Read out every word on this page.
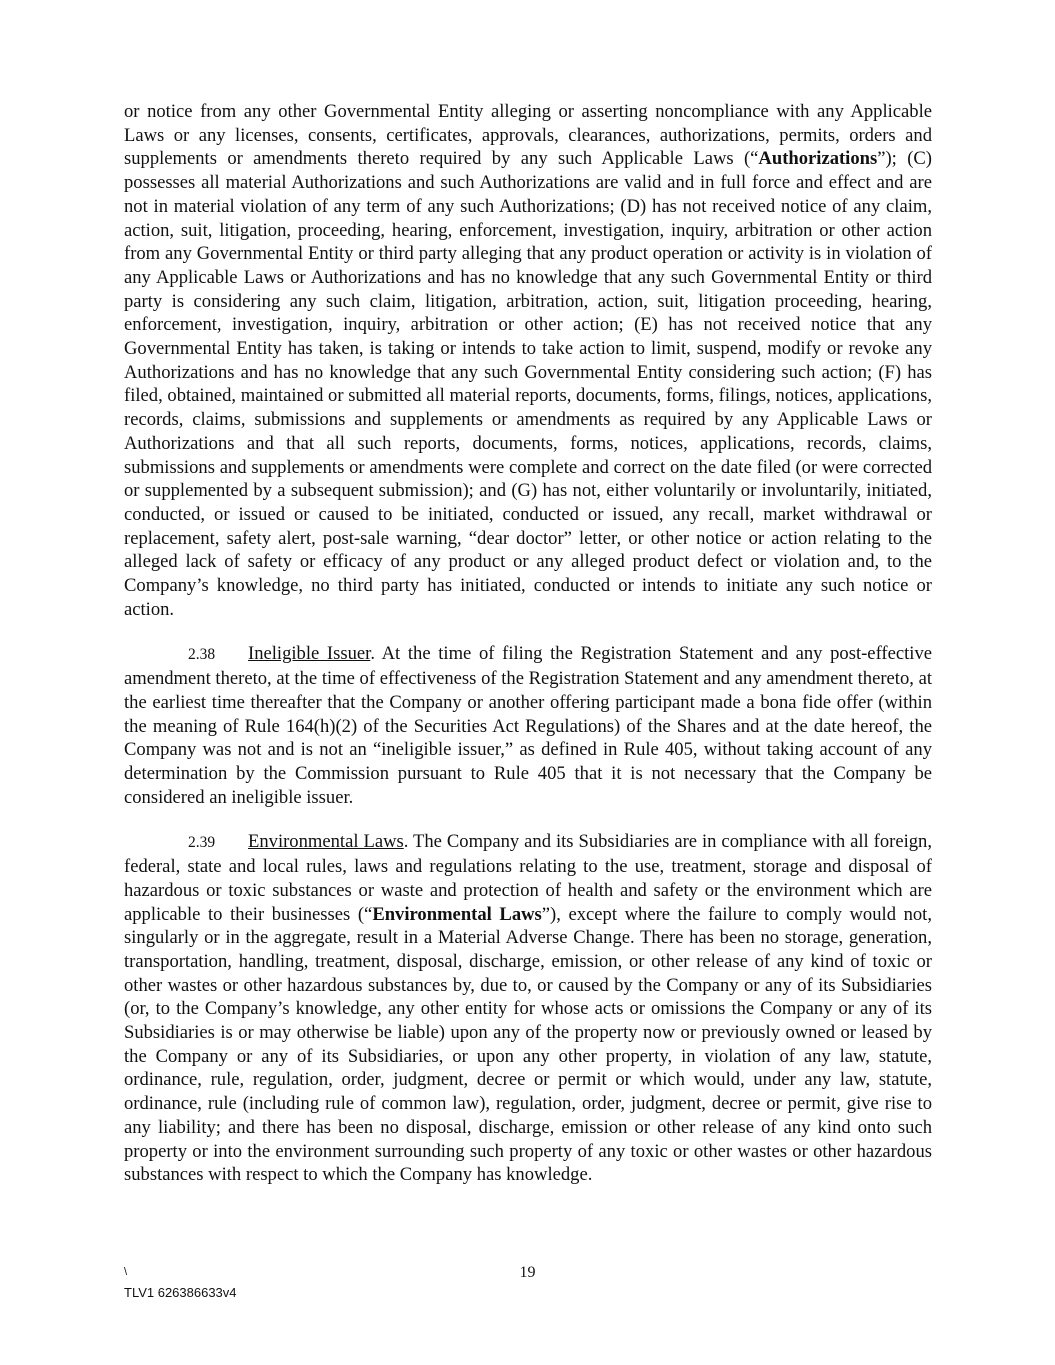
or notice from any other Governmental Entity alleging or asserting noncompliance with any Applicable Laws or any licenses, consents, certificates, approvals, clearances, authorizations, permits, orders and supplements or amendments thereto required by any such Applicable Laws (“Authorizations”); (C) possesses all material Authorizations and such Authorizations are valid and in full force and effect and are not in material violation of any term of any such Authorizations; (D) has not received notice of any claim, action, suit, litigation, proceeding, hearing, enforcement, investigation, inquiry, arbitration or other action from any Governmental Entity or third party alleging that any product operation or activity is in violation of any Applicable Laws or Authorizations and has no knowledge that any such Governmental Entity or third party is considering any such claim, litigation, arbitration, action, suit, litigation proceeding, hearing, enforcement, investigation, inquiry, arbitration or other action; (E) has not received notice that any Governmental Entity has taken, is taking or intends to take action to limit, suspend, modify or revoke any Authorizations and has no knowledge that any such Governmental Entity considering such action; (F) has filed, obtained, maintained or submitted all material reports, documents, forms, filings, notices, applications, records, claims, submissions and supplements or amendments as required by any Applicable Laws or Authorizations and that all such reports, documents, forms, notices, applications, records, claims, submissions and supplements or amendments were complete and correct on the date filed (or were corrected or supplemented by a subsequent submission); and (G) has not, either voluntarily or involuntarily, initiated, conducted, or issued or caused to be initiated, conducted or issued, any recall, market withdrawal or replacement, safety alert, post-sale warning, “dear doctor” letter, or other notice or action relating to the alleged lack of safety or efficacy of any product or any alleged product defect or violation and, to the Company’s knowledge, no third party has initiated, conducted or intends to initiate any such notice or action.

2.38 Ineligible Issuer. At the time of filing the Registration Statement and any post-effective amendment thereto, at the time of effectiveness of the Registration Statement and any amendment thereto, at the earliest time thereafter that the Company or another offering participant made a bona fide offer (within the meaning of Rule 164(h)(2) of the Securities Act Regulations) of the Shares and at the date hereof, the Company was not and is not an “ineligible issuer,” as defined in Rule 405, without taking account of any determination by the Commission pursuant to Rule 405 that it is not necessary that the Company be considered an ineligible issuer.

2.39 Environmental Laws. The Company and its Subsidiaries are in compliance with all foreign, federal, state and local rules, laws and regulations relating to the use, treatment, storage and disposal of hazardous or toxic substances or waste and protection of health and safety or the environment which are applicable to their businesses (“Environmental Laws”), except where the failure to comply would not, singularly or in the aggregate, result in a Material Adverse Change. There has been no storage, generation, transportation, handling, treatment, disposal, discharge, emission, or other release of any kind of toxic or other wastes or other hazardous substances by, due to, or caused by the Company or any of its Subsidiaries (or, to the Company’s knowledge, any other entity for whose acts or omissions the Company or any of its Subsidiaries is or may otherwise be liable) upon any of the property now or previously owned or leased by the Company or any of its Subsidiaries, or upon any other property, in violation of any law, statute, ordinance, rule, regulation, order, judgment, decree or permit or which would, under any law, statute, ordinance, rule (including rule of common law), regulation, order, judgment, decree or permit, give rise to any liability; and there has been no disposal, discharge, emission or other release of any kind onto such property or into the environment surrounding such property of any toxic or other wastes or other hazardous substances with respect to which the Company has knowledge.

\	19
TLV1 626386633v4
